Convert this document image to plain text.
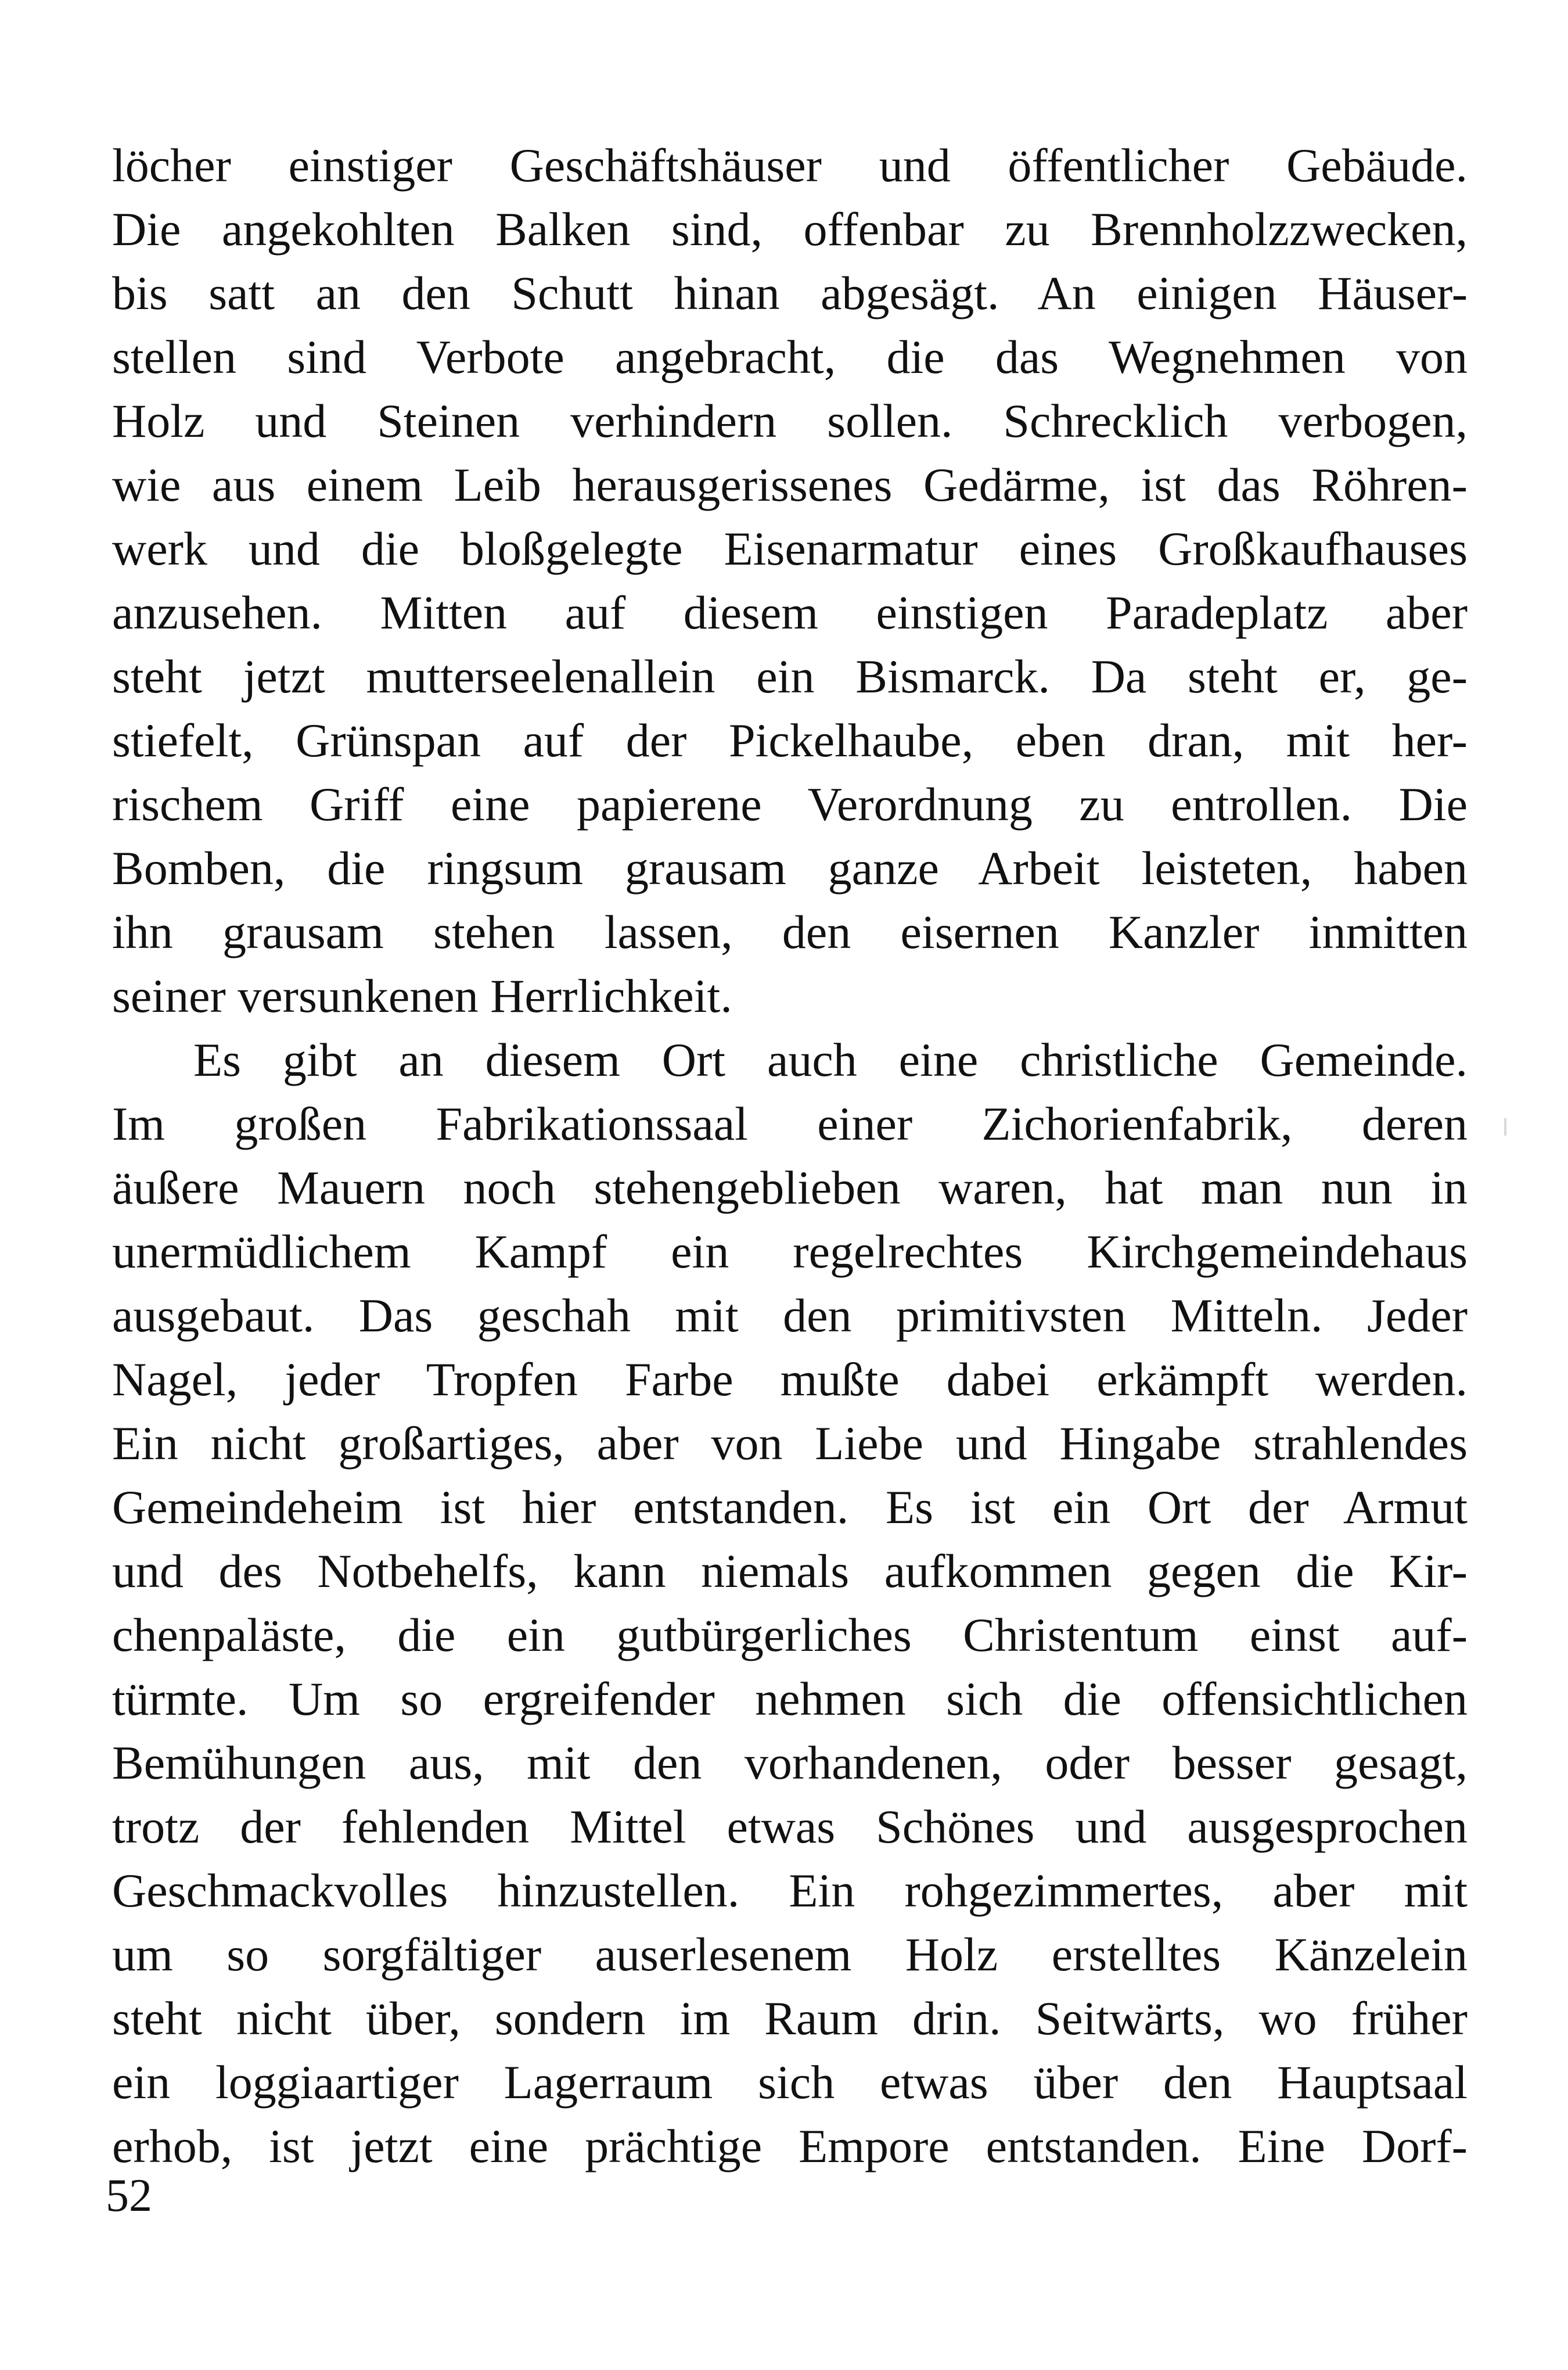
löcher einstiger Geschäftshäuser und öffentlicher Gebäude.
Die angekohlten Balken sind, offenbar zu Brennholzzwecken,
bis satt an den Schutt hinan abgesägt. An einigen Häuser-
stellen sind Verbote angebracht, die das Wegnehmen von
Holz und Steinen verhindern sollen. Schrecklich verbogen,
wie aus einem Leib herausgerissenes Gedärme, ist das Röhren-
werk und die bloßgelegte Eisenarmatur eines Großkaufhauses
anzusehen. Mitten auf diesem einstigen Paradeplatz aber
steht jetzt mutterseelenallein ein Bismarck. Da steht er, ge-
stiefelt, Grünspan auf der Pickelhaube, eben dran, mit her-
rischem Griff eine papierene Verordnung zu entrollen. Die
Bomben, die ringsum grausam ganze Arbeit leisteten, haben
ihn grausam stehen lassen, den eisernen Kanzler inmitten
seiner versunkenen Herrlichkeit.
Es gibt an diesem Ort auch eine christliche Gemeinde.
Im großen Fabrikationssaal einer Zichorienfabrik, deren
äußere Mauern noch stehengeblieben waren, hat man nun in
unermüdlichem Kampf ein regelrechtes Kirchgemeindehaus
ausgebaut. Das geschah mit den primitivsten Mitteln. Jeder
Nagel, jeder Tropfen Farbe mußte dabei erkämpft werden.
Ein nicht großartiges, aber von Liebe und Hingabe strahlendes
Gemeindeheim ist hier entstanden. Es ist ein Ort der Armut
und des Notbehelfs, kann niemals aufkommen gegen die Kir-
chenpaläste, die ein gutbürgerliches Christentum einst auf-
türmte. Um so ergreifender nehmen sich die offensichtlichen
Bemühungen aus, mit den vorhandenen, oder besser gesagt,
trotz der fehlenden Mittel etwas Schönes und ausgesprochen
Geschmackvolles hinzustellen. Ein rohgezimmertes, aber mit
um so sorgfältiger auserlesenem Holz erstelltes Känzelein
steht nicht über, sondern im Raum drin. Seitwärts, wo früher
ein loggiaartiger Lagerraum sich etwas über den Hauptsaal
erhob, ist jetzt eine prächtige Empore entstanden. Eine Dorf-
52
